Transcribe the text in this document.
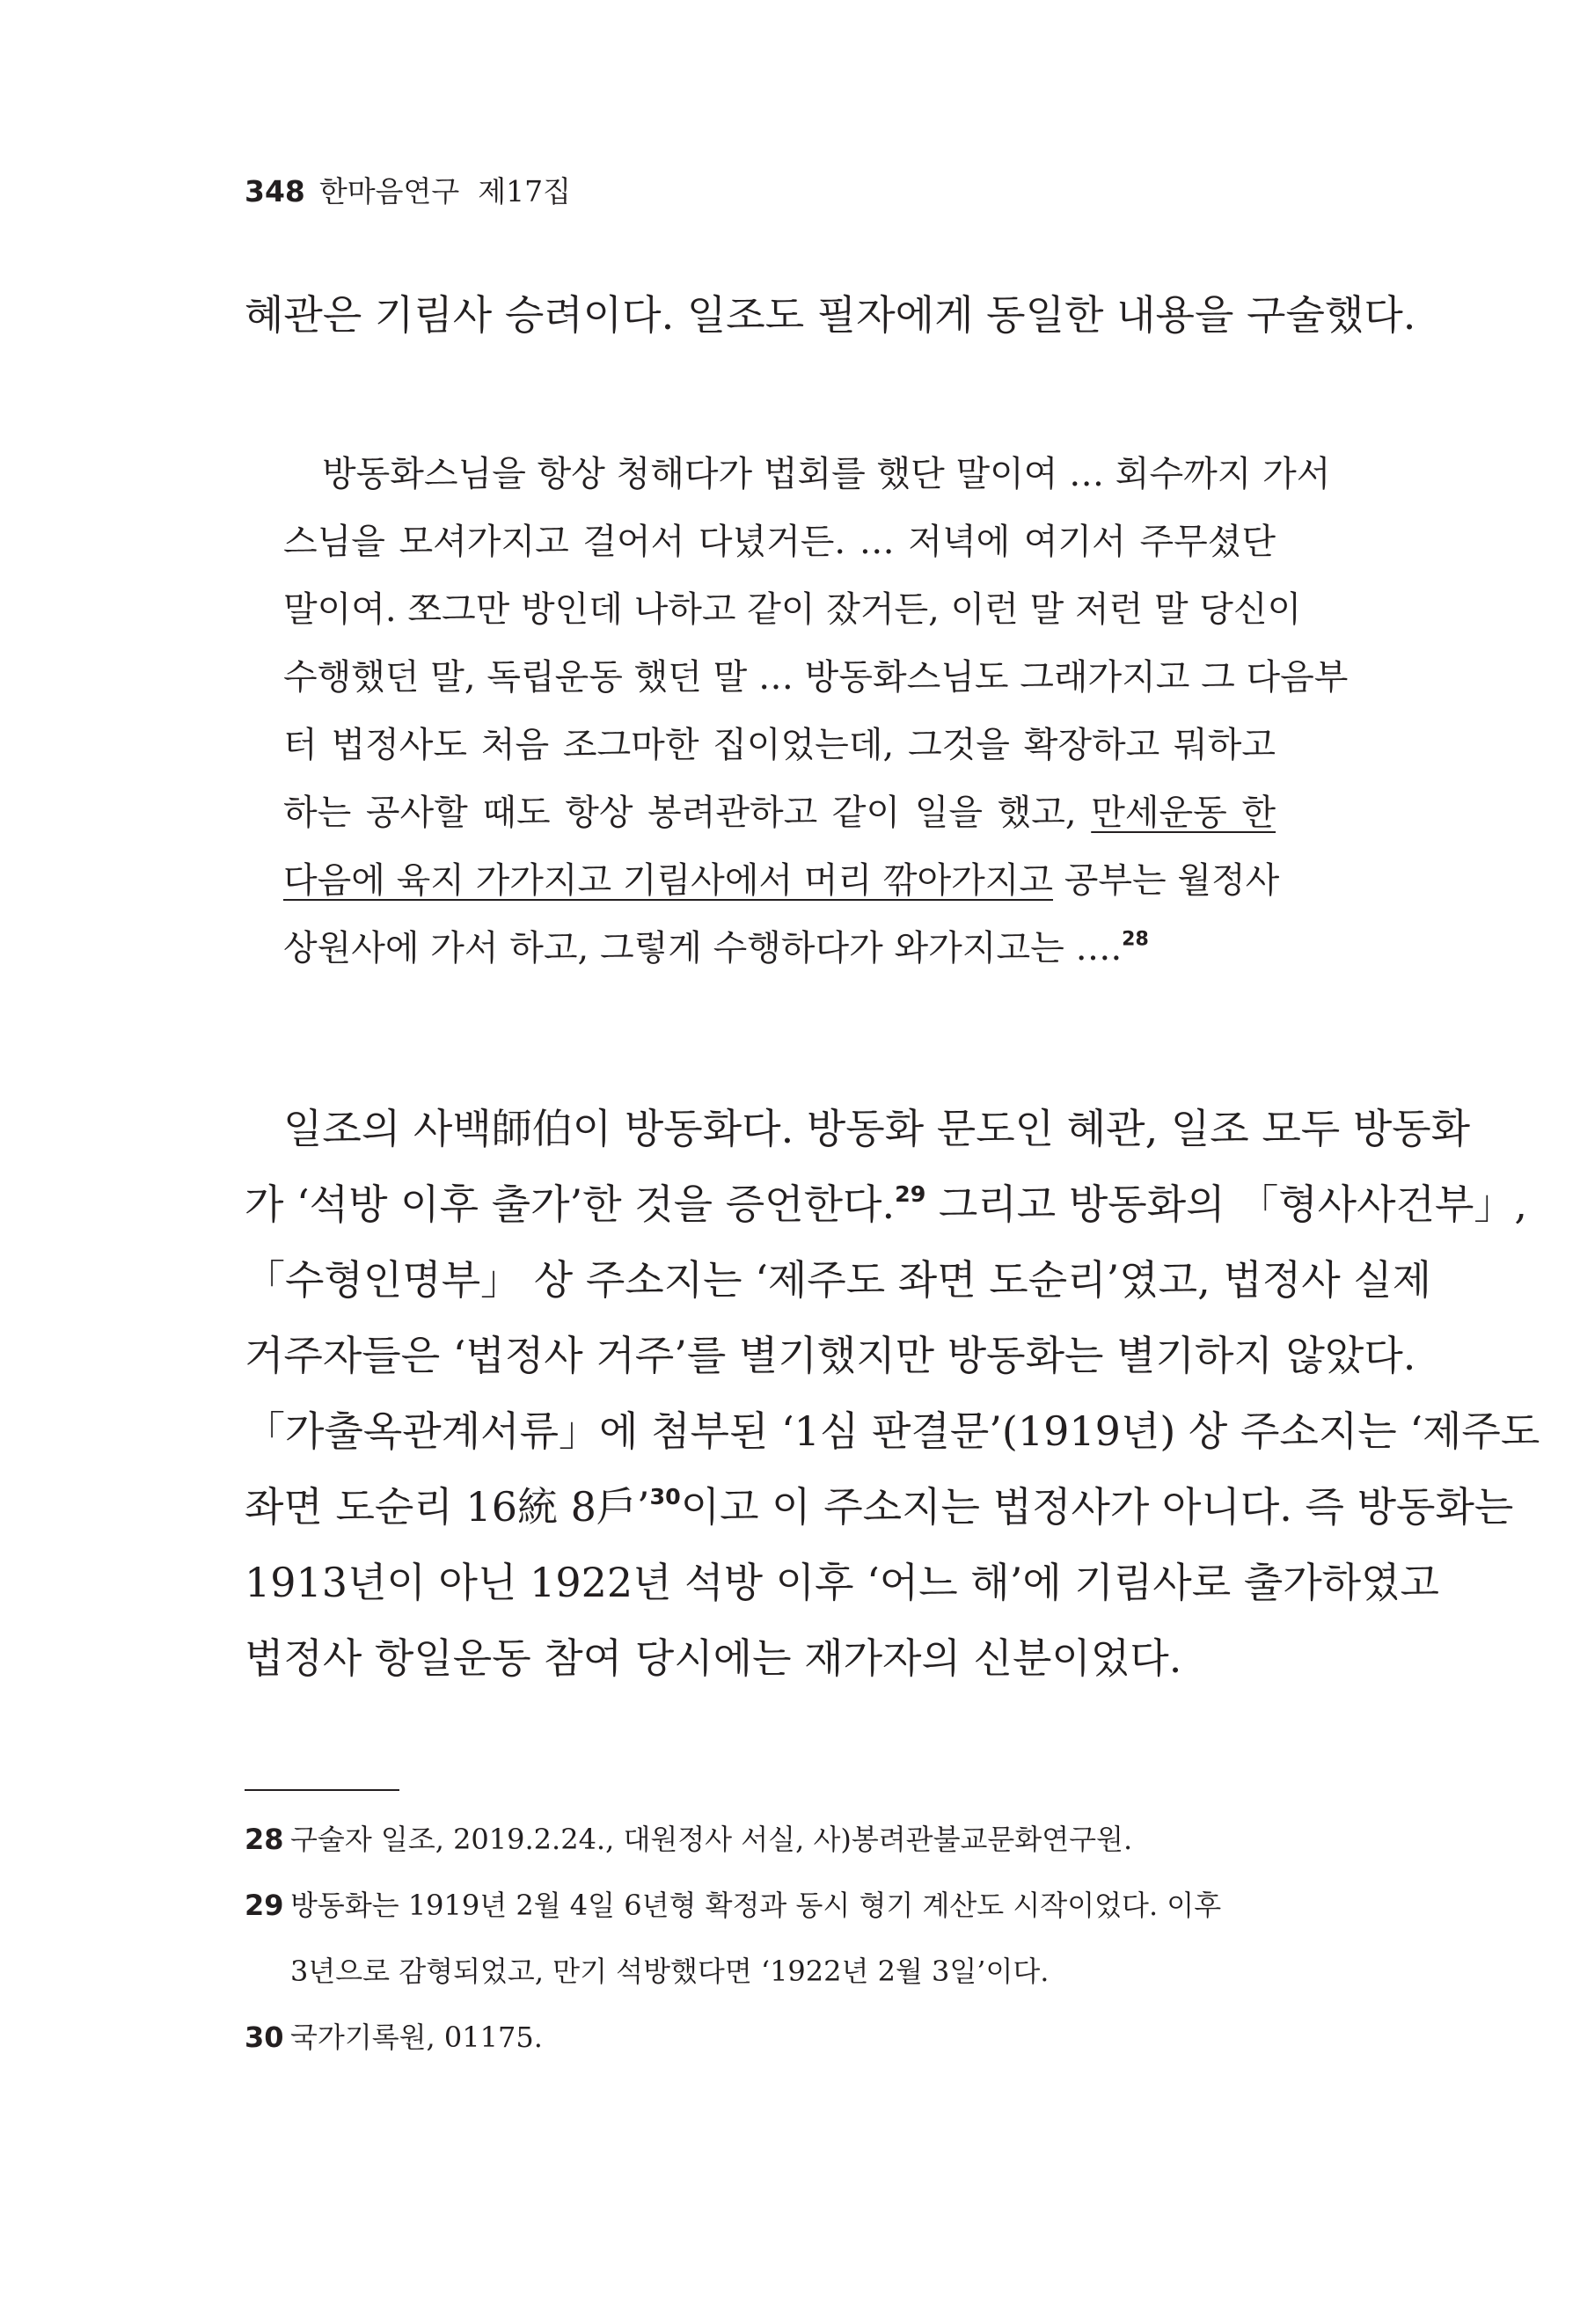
348 한마음연구  제17집
혜관은 기림사 승려이다. 일조도 필자에게 동일한 내용을 구술했다.
방동화스님을 항상 청해다가 법회를 했단 말이여 … 회수까지 가서
스님을 모셔가지고 걸어서 다녔거든. … 저녁에 여기서 주무셨단
말이여. 쪼그만 방인데 나하고 같이 잤거든, 이런 말 저런 말 당신이
수행했던 말, 독립운동 했던 말 … 방동화스님도 그래가지고 그 다음부
터 법정사도 처음 조그마한 집이었는데, 그것을 확장하고 뭐하고
하는 공사할 때도 항상 봉려관하고 같이 일을 했고, 만세운동 한
다음에 육지 가가지고 기림사에서 머리 깎아가지고 공부는 월정사
상원사에 가서 하고, 그렇게 수행하다가 와가지고는 ….$^{28}$
일조의 사백師伯이 방동화다. 방동화 문도인 혜관, 일조 모두 방동화
가 ‘석방 이후 출가’한 것을 증언한다.$^{29}$ 그리고 방동화의 「형사사건부」,
「수형인명부」 상 주소지는 ‘제주도 좌면 도순리’였고, 법정사 실제
거주자들은 ‘법정사 거주’를 별기했지만 방동화는 별기하지 않았다.
「가출옥관계서류」에 첨부된 ‘1심 판결문’(1919년) 상 주소지는 ‘제주도
좌면 도순리 16統 8戶’$^{30}$이고 이 주소지는 법정사가 아니다. 즉 방동화는
1913년이 아닌 1922년 석방 이후 ‘어느 해’에 기림사로 출가하였고
법정사 항일운동 참여 당시에는 재가자의 신분이었다.
28 구술자 일조, 2019.2.24., 대원정사 서실, 사)봉려관불교문화연구원.
29 방동화는 1919년 2월 4일 6년형 확정과 동시 형기 계산도 시작이었다. 이후
3년으로 감형되었고, 만기 석방했다면 ‘1922년 2월 3일’이다.
30 국가기록원, 01175.
